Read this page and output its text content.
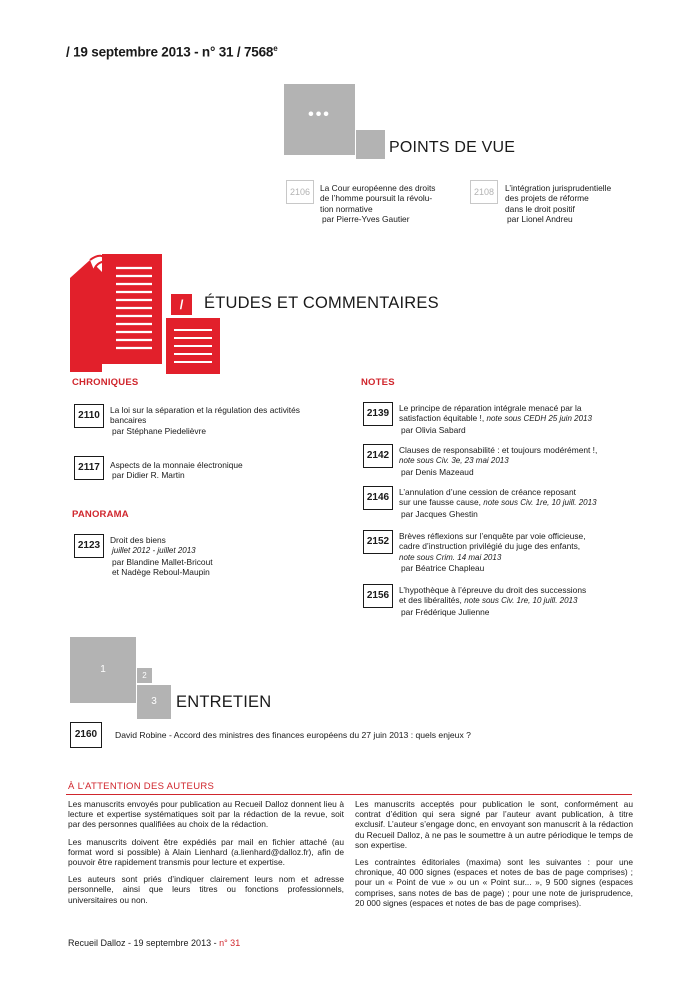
/ 19 septembre 2013 - n° 31 / 7568e
•••
POINTS DE VUE
2106	La Cour européenne des droits
de l’homme poursuit la révolu-
tion normative
par Pierre-Yves Gautier
2108	L’intégration jurisprudentielle
des projets de réforme
dans le droit positif
par Lionel Andreu
/	ÉTUDES ET COMMENTAIRES
CHRONIQUES
2110	La loi sur la séparation et la régulation des activités
bancaires
par Stéphane Piedelièvre
2117	Aspects de la monnaie électronique
par Didier R. Martin
PANORAMA
2123	Droit des biens
juillet 2012 - juillet 2013
par Blandine Mallet-Bricout
et Nadège Reboul-Maupin
NOTES
2139	Le principe de réparation intégrale menacé par la
satisfaction équitable !, note sous CEDH 25 juin 2013
par Olivia Sabard
2142	Clauses de responsabilité : et toujours modérément !,
note sous Civ. 3e, 23 mai 2013
par Denis Mazeaud
2146	L’annulation d’une cession de créance reposant
sur une fausse cause, note sous Civ. 1re, 10 juill. 2013
par Jacques Ghestin
2152	Brèves réflexions sur l’enquête par voie officieuse,
cadre d’instruction privilégié du juge des enfants,
note sous Crim. 14 mai 2013
par Béatrice Chapleau
2156	L’hypothèque à l’épreuve du droit des successions
et des libéralités, note sous Civ. 1re, 10 juill. 2013
par Frédérique Julienne
1
2
3	ENTRETIEN
2160	David Robine - Accord des ministres des finances européens du 27 juin 2013 : quels enjeux ?
À L’ATTENTION DES AUTEURS

Les manuscrits envoyés pour publication au Recueil Dalloz donnent lieu à lecture et expertise systématiques soit par la rédaction de la revue, soit par des personnes qualifiées au choix de la rédaction.

Les manuscrits doivent être expédiés par mail en fichier attaché (au format word si possible) à Alain Lienhard (a.lienhard@dalloz.fr), afin de pouvoir être rapidement transmis pour lecture et expertise.

Les auteurs sont priés d’indiquer clairement leurs nom et adresse personnelle, ainsi que leurs titres ou fonctions professionnels, universitaires ou non.

Les manuscrits acceptés pour publication le sont, conformément au contrat d’édition qui sera signé par l’auteur avant publication, à titre exclusif. L’auteur s’engage donc, en envoyant son manuscrit à la rédaction du Recueil Dalloz, à ne pas le soumettre à un autre périodique le temps de son expertise.

Les contraintes éditoriales (maxima) sont les suivantes : pour une chronique, 40 000 signes (espaces et notes de bas de page comprises) ; pour un « Point de vue » ou un « Point sur... », 9 500 signes (espaces comprises, sans notes de bas de page) ; pour une note de jurisprudence, 20 000 signes (espaces et notes de bas de page comprises).

Recueil Dalloz - 19 septembre 2013 - n° 31
